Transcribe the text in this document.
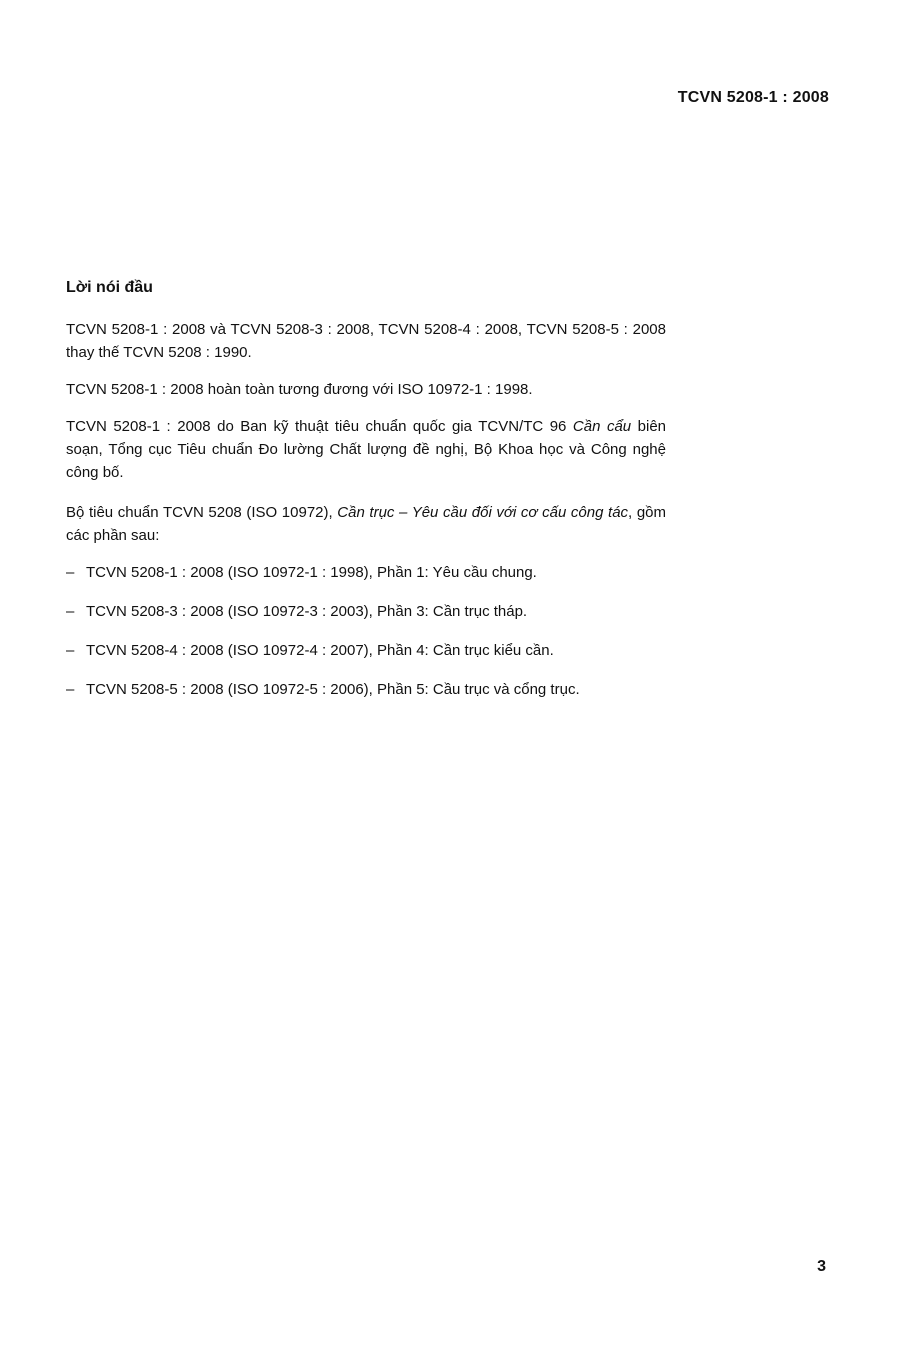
TCVN 5208-1 : 2008
Lời nói đầu

TCVN 5208-1 : 2008 và TCVN 5208-3 : 2008, TCVN 5208-4 : 2008, TCVN 5208-5 : 2008 thay thế TCVN 5208 : 1990.

TCVN 5208-1 : 2008 hoàn toàn tương đương với ISO 10972-1 : 1998.

TCVN 5208-1 : 2008 do Ban kỹ thuật tiêu chuẩn quốc gia TCVN/TC 96 Cần cẩu biên soạn, Tổng cục Tiêu chuẩn Đo lường Chất lượng đề nghị, Bộ Khoa học và Công nghệ công bố.

Bộ tiêu chuẩn TCVN 5208 (ISO 10972), Cần trục – Yêu cầu đối với cơ cấu công tác, gồm các phần sau:

– TCVN 5208-1 : 2008 (ISO 10972-1 : 1998), Phần 1: Yêu cầu chung.
– TCVN 5208-3 : 2008 (ISO 10972-3 : 2003), Phần 3: Cần trục tháp.
– TCVN 5208-4 : 2008 (ISO 10972-4 : 2007), Phần 4: Cần trục kiểu cần.
– TCVN 5208-5 : 2008 (ISO 10972-5 : 2006), Phần 5: Cầu trục và cổng trục.
3
